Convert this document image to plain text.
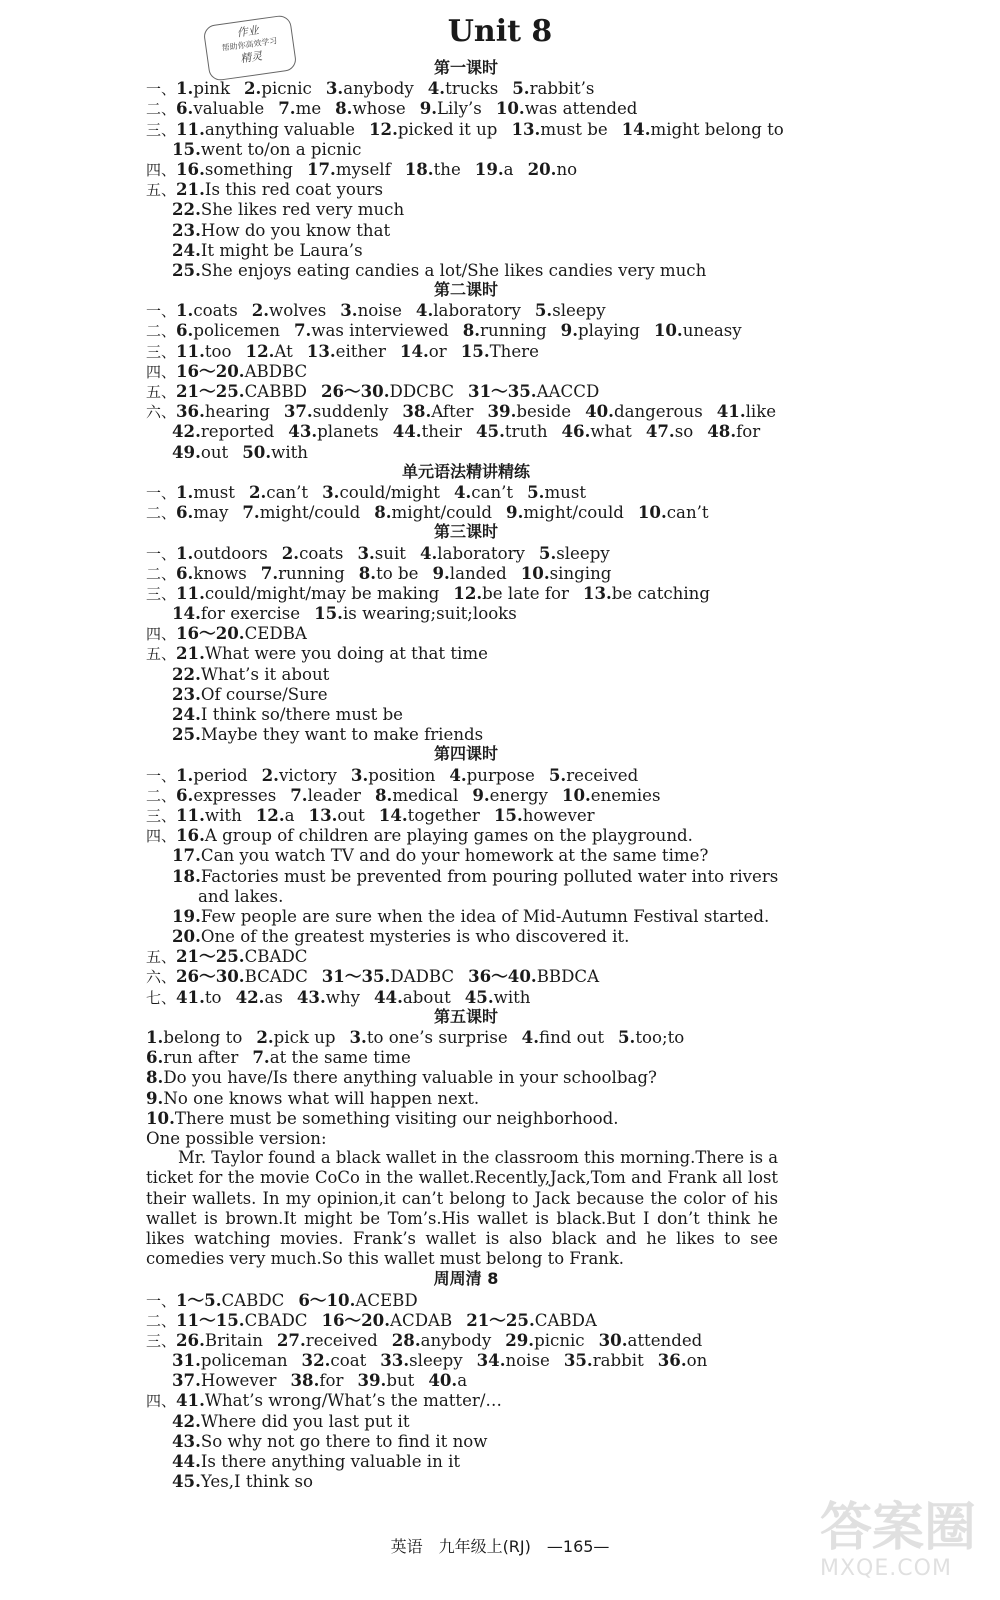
作业
帮助你高效学习
精灵
Unit 8
第一课时
一、1.pink 2.picnic 3.anybody 4.trucks 5.rabbit’s
二、6.valuable 7.me 8.whose 9.Lily’s 10.was attended
三、11.anything valuable 12.picked it up 13.must be 14.might belong to
15.went to/on a picnic
四、16.something 17.myself 18.the 19.a 20.no
五、21.Is this red coat yours
22.She likes red very much
23.How do you know that
24.It might be Laura’s
25.She enjoys eating candies a lot/She likes candies very much
第二课时
一、1.coats 2.wolves 3.noise 4.laboratory 5.sleepy
二、6.policemen 7.was interviewed 8.running 9.playing 10.uneasy
三、11.too 12.At 13.either 14.or 15.There
四、16～20.ABDBC
五、21～25.CABBD 26～30.DDCBC 31～35.AACCD
六、36.hearing 37.suddenly 38.After 39.beside 40.dangerous 41.like
42.reported 43.planets 44.their 45.truth 46.what 47.so 48.for
49.out 50.with
单元语法精讲精练
一、1.must 2.can’t 3.could/might 4.can’t 5.must
二、6.may 7.might/could 8.might/could 9.might/could 10.can’t
第三课时
一、1.outdoors 2.coats 3.suit 4.laboratory 5.sleepy
二、6.knows 7.running 8.to be 9.landed 10.singing
三、11.could/might/may be making 12.be late for 13.be catching
14.for exercise 15.is wearing;suit;looks
四、16～20.CEDBA
五、21.What were you doing at that time
22.What’s it about
23.Of course/Sure
24.I think so/there must be
25.Maybe they want to make friends
第四课时
一、1.period 2.victory 3.position 4.purpose 5.received
二、6.expresses 7.leader 8.medical 9.energy 10.enemies
三、11.with 12.a 13.out 14.together 15.however
四、16.A group of children are playing games on the playground.
17.Can you watch TV and do your homework at the same time?
18.Factories must be prevented from pouring polluted water into rivers
and lakes.
19.Few people are sure when the idea of Mid-Autumn Festival started.
20.One of the greatest mysteries is who discovered it.
五、21～25.CBADC
六、26～30.BCADC 31～35.DADBC 36～40.BBDCA
七、41.to 42.as 43.why 44.about 45.with
第五课时
1.belong to 2.pick up 3.to one’s surprise 4.find out 5.too;to
6.run after 7.at the same time
8.Do you have/Is there anything valuable in your schoolbag?
9.No one knows what will happen next.
10.There must be something visiting our neighborhood.
One possible version:
Mr. Taylor found a black wallet in the classroom this morning.There is a ticket for the movie CoCo in the wallet.Recently,Jack,Tom and Frank all lost their wallets. In my opinion,it can’t belong to Jack because the color of his wallet is brown.It might be Tom’s.His wallet is black.But I don’t think he likes watching movies. Frank’s wallet is also black and he likes to see comedies very much.So this wallet must belong to Frank.
周周清 8
一、1～5.CABDC 6～10.ACEBD
二、11～15.CBADC 16～20.ACDAB 21～25.CABDA
三、26.Britain 27.received 28.anybody 29.picnic 30.attended
31.policeman 32.coat 33.sleepy 34.noise 35.rabbit 36.on
37.However 38.for 39.but 40.a
四、41.What’s wrong/What’s the matter/…
42.Where did you last put it
43.So why not go there to find it now
44.Is there anything valuable in it
45.Yes,I think so
英语　九年级上(RJ)　—165—	答案圈
MXQE.COM
